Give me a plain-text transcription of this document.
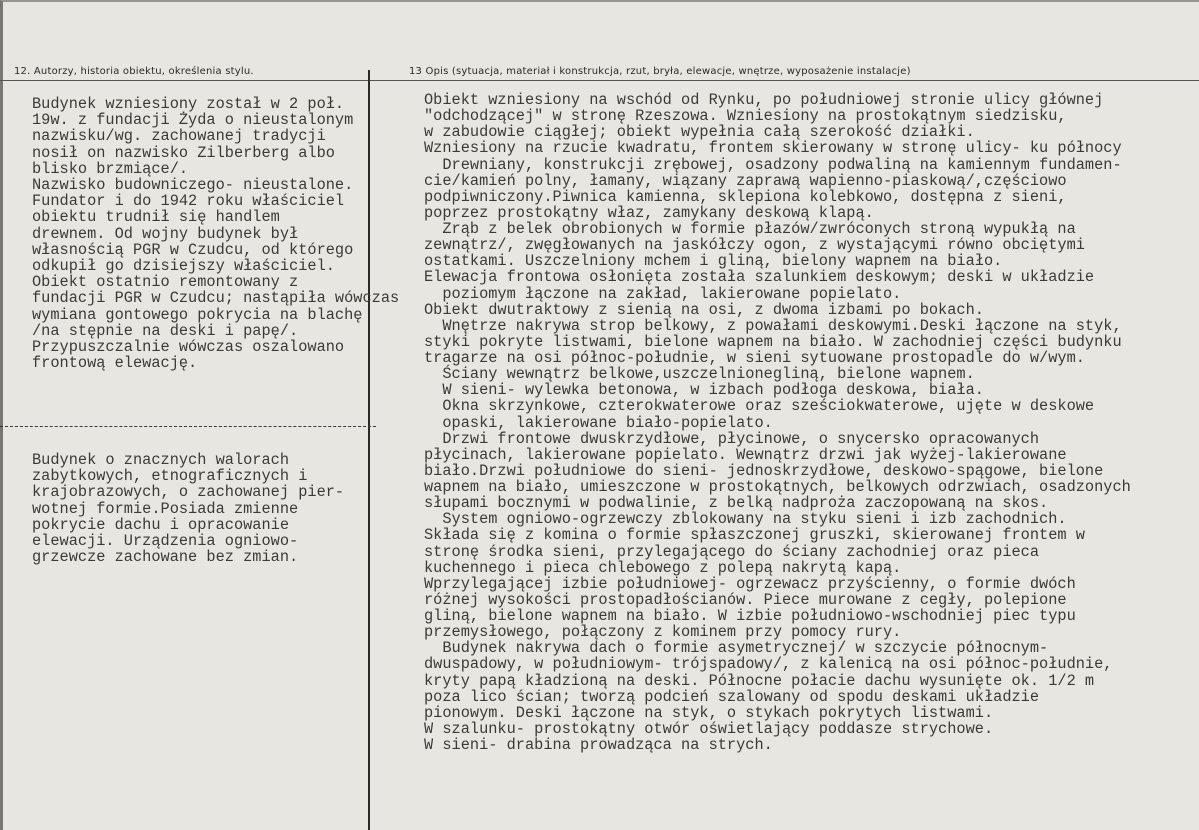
12. Autorzy, historia obiektu, określenia stylu.	13 Opis (sytuacja, materiał i konstrukcja, rzut, bryła, elewacje, wnętrze, wyposażenie instalacje)
Budynek wzniesiony został w 2 poł.
19w. z fundacji Żyda o nieustalonym
nazwisku/wg. zachowanej tradycji
nosił on nazwisko Zilberberg albo
blisko brzmiące/.
Nazwisko budowniczego- nieustalone.
Fundator i do 1942 roku właściciel
obiektu trudnił się handlem
drewnem. Od wojny budynek był
własnością PGR w Czudcu, od którego
odkupił go dzisiejszy właściciel.
Obiekt ostatnio remontowany z
fundacji PGR w Czudcu; nastąpiła wówczas
wymiana gontowego pokrycia na blachę
/na stępnie na deski i papę/.
Przypuszczalnie wówczas oszalowano
frontową elewację.
Budynek o znacznych walorach
zabytkowych, etnograficznych i
krajobrazowych, o zachowanej pier-
wotnej formie.Posiada zmienne
pokrycie dachu i opracowanie
elewacji. Urządzenia ogniowo-
grzewcze zachowane bez zmian.
Obiekt wzniesiony na wschód od Rynku, po południowej stronie ulicy głównej
"odchodzącej" w stronę Rzeszowa. Wzniesiony na prostokątnym siedzisku,
w zabudowie ciągłej; obiekt wypełnia całą szerokość działki.
Wzniesiony na rzucie kwadratu, frontem skierowany w stronę ulicy- ku północy
Drewniany, konstrukcji zrębowej, osadzony podwaliną na kamiennym fundamen-
cie/kamień polny, łamany, wiązany zaprawą wapienno-piaskową/,częściowo
podpiwniczony.Piwnica kamienna, sklepiona kolebkowo, dostępna z sieni,
poprzez prostokątny właz, zamykany deskową klapą.
Zrąb z belek obrobionych w formie płazów/zwróconych stroną wypukłą na
zewnątrz/, zwęgłowanych na jaskółczy ogon, z wystającymi równo obciętymi
ostatkami. Uszczelniony mchem i gliną, bielony wapnem na biało.
Elewacja frontowa osłonięta została szalunkiem deskowym; deski w układzie
poziomym łączone na zakład, lakierowane popielato.
Obiekt dwutraktowy z sienią na osi, z dwoma izbami po bokach.
Wnętrze nakrywa strop belkowy, z powałami deskowymi.Deski łączone na styk,
styki pokryte listwami, bielone wapnem na biało. W zachodniej części budynku
tragarze na osi północ-południe, w sieni sytuowane prostopadle do w/wym.
Ściany wewnątrz belkowe,uszczelnionegliną, bielone wapnem.
W sieni- wylewka betonowa, w izbach podłoga deskowa, biała.
Okna skrzynkowe, czterokwaterowe oraz sześciokwaterowe, ujęte w deskowe
opaski, lakierowane biało-popielato.
Drzwi frontowe dwuskrzydłowe, płycinowe, o snycersko opracowanych
płycinach, lakierowane popielato. Wewnątrz drzwi jak wyżej-lakierowane
biało.Drzwi południowe do sieni- jednoskrzydłowe, deskowo-spągowe, bielone
wapnem na biało, umieszczone w prostokątnych, belkowych odrzwiach, osadzonych
słupami bocznymi w podwalinie, z belką nadproża zaczopowaną na skos.
System ogniowo-ogrzewczy zblokowany na styku sieni i izb zachodnich.
Składa się z komina o formie spłaszczonej gruszki, skierowanej frontem w
stronę środka sieni, przylegającego do ściany zachodniej oraz pieca
kuchennego i pieca chlebowego z polepą nakrytą kapą.
Wprzylegającej izbie południowej- ogrzewacz przyścienny, o formie dwóch
różnej wysokości prostopadłościanów. Piece murowane z cegły, polepione
gliną, bielone wapnem na biało. W izbie południowo-wschodniej piec typu
przemysłowego, połączony z kominem przy pomocy rury.
Budynek nakrywa dach o formie asymetrycznej/ w szczycie północnym-
dwuspadowy, w południowym- trójspadowy/, z kalenicą na osi północ-południe,
kryty papą kładzioną na deski. Północne połacie dachu wysunięte ok. 1/2 m
poza lico ścian; tworzą podcień szalowany od spodu deskami układzie
pionowym. Deski łączone na styk, o stykach pokrytych listwami.
W szalunku- prostokątny otwór oświetlający poddasze strychowe.
W sieni- drabina prowadząca na strych.
